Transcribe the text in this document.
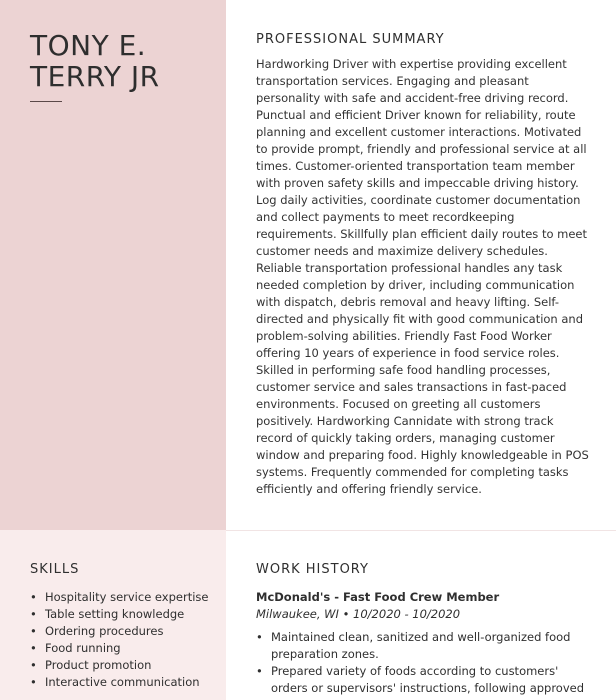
TONY E.
TERRY JR
PROFESSIONAL SUMMARY
Hardworking Driver with expertise providing excellent transportation services. Engaging and pleasant personality with safe and accident-free driving record. Punctual and efficient Driver known for reliability, route planning and excellent customer interactions. Motivated to provide prompt, friendly and professional service at all times. Customer-oriented transportation team member with proven safety skills and impeccable driving history. Log daily activities, coordinate customer documentation and collect payments to meet recordkeeping requirements. Skillfully plan efficient daily routes to meet customer needs and maximize delivery schedules. Reliable transportation professional handles any task needed completion by driver, including communication with dispatch, debris removal and heavy lifting. Self-directed and physically fit with good communication and problem-solving abilities. Friendly Fast Food Worker offering 10 years of experience in food service roles. Skilled in performing safe food handling processes, customer service and sales transactions in fast-paced environments. Focused on greeting all customers positively. Hardworking Cannidate with strong track record of quickly taking orders, managing customer window and preparing food. Highly knowledgeable in POS systems. Frequently commended for completing tasks efficiently and offering friendly service.
SKILLS
• Hospitality service expertise
• Table setting knowledge
• Ordering procedures
• Food running
• Product promotion
• Interactive communication
WORK HISTORY
McDonald's - Fast Food Crew Member
Milwaukee, WI • 10/2020 - 10/2020
• Maintained clean, sanitized and well-organized food preparation zones.
• Prepared variety of foods according to customers' orders or supervisors' instructions, following approved
